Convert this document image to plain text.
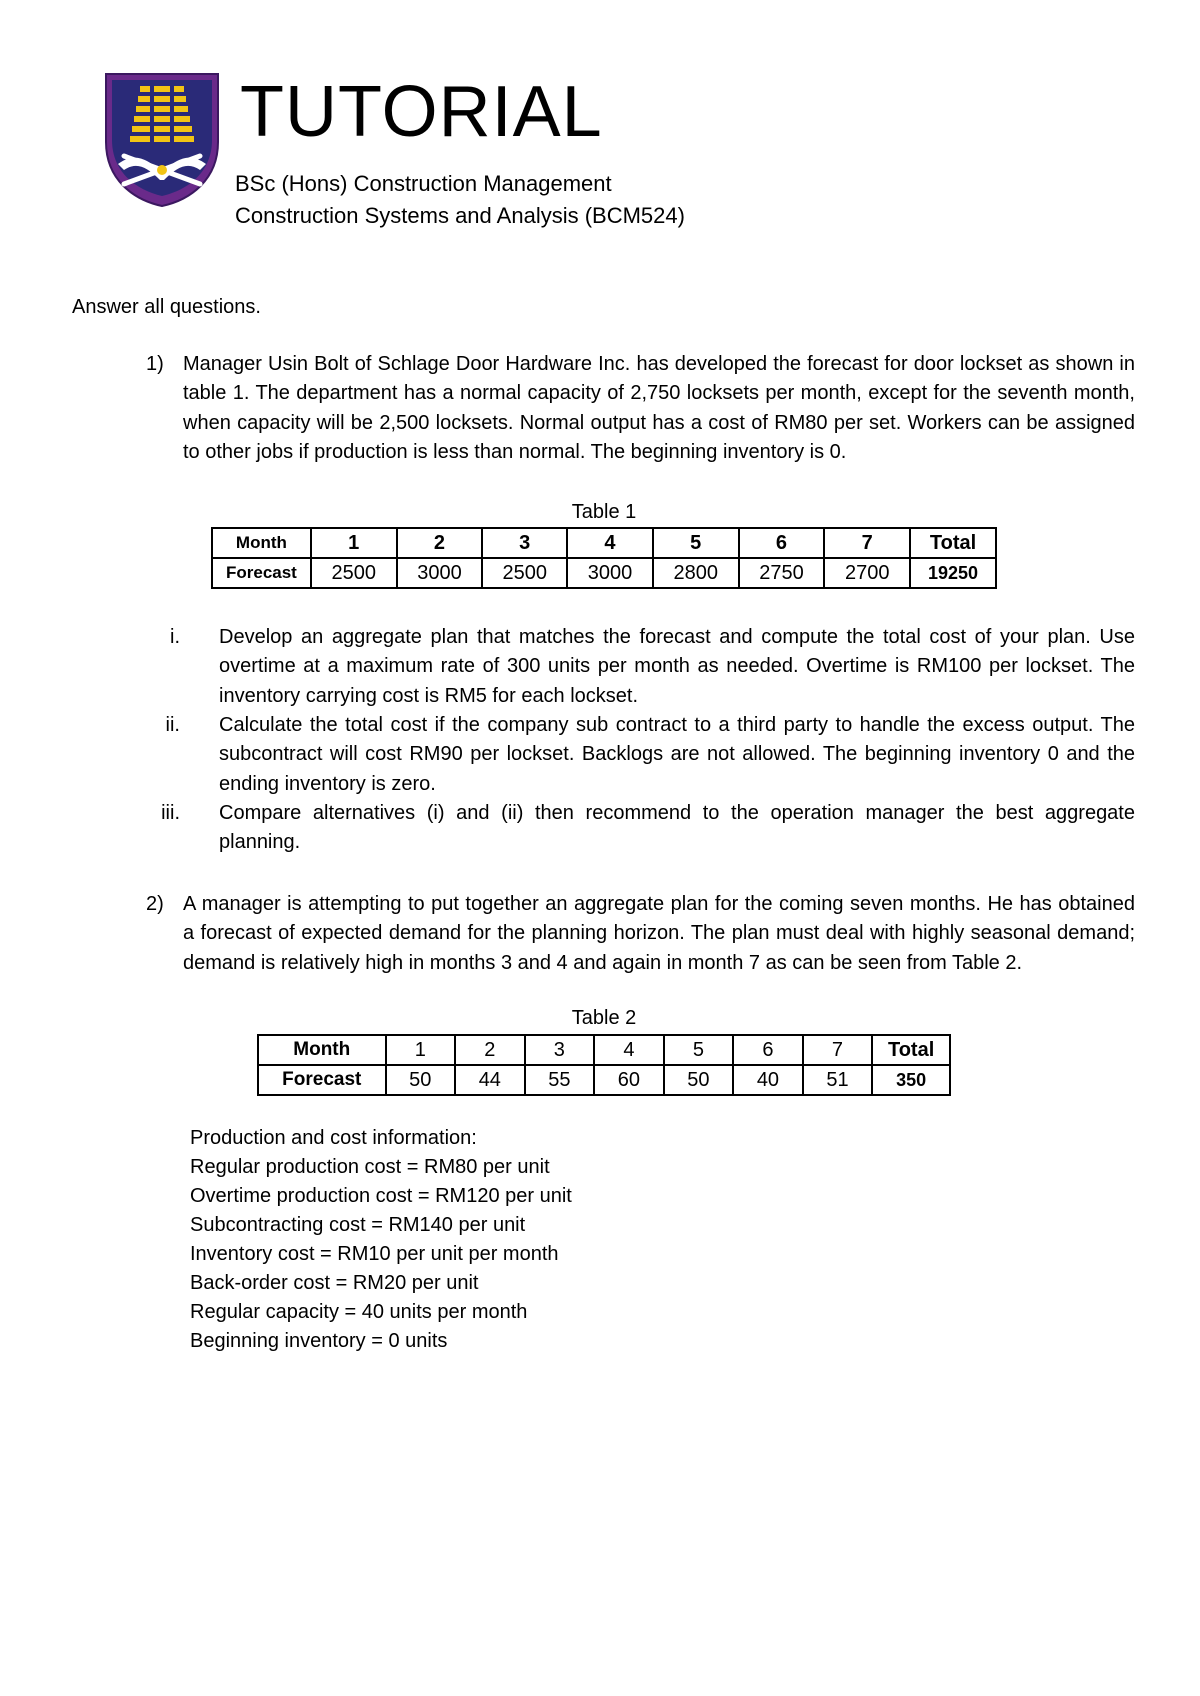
TUTORIAL
BSc (Hons) Construction Management
Construction Systems and Analysis (BCM524)
Answer all questions.
1) Manager Usin Bolt of Schlage Door Hardware Inc. has developed the forecast for door lockset as shown in table 1. The department has a normal capacity of 2,750 locksets per month, except for the seventh month, when capacity will be 2,500 locksets. Normal output has a cost of RM80 per set. Workers can be assigned to other jobs if production is less than normal. The beginning inventory is 0.
Table 1
Month	1	2	3	4	5	6	7	Total
Forecast	2500	3000	2500	3000	2800	2750	2700	19250
i. Develop an aggregate plan that matches the forecast and compute the total cost of your plan. Use overtime at a maximum rate of 300 units per month as needed. Overtime is RM100 per lockset. The inventory carrying cost is RM5 for each lockset.
ii. Calculate the total cost if the company sub contract to a third party to handle the excess output. The subcontract will cost RM90 per lockset. Backlogs are not allowed. The beginning inventory 0 and the ending inventory is zero.
iii. Compare alternatives (i) and (ii) then recommend to the operation manager the best aggregate planning.
2) A manager is attempting to put together an aggregate plan for the coming seven months. He has obtained a forecast of expected demand for the planning horizon. The plan must deal with highly seasonal demand; demand is relatively high in months 3 and 4 and again in month 7 as can be seen from Table 2.
Table 2
Month	1	2	3	4	5	6	7	Total
Forecast	50	44	55	60	50	40	51	350
Production and cost information:
Regular production cost = RM80 per unit
Overtime production cost = RM120 per unit
Subcontracting cost = RM140 per unit
Inventory cost = RM10 per unit per month
Back-order cost = RM20 per unit
Regular capacity = 40 units per month
Beginning inventory = 0 units
